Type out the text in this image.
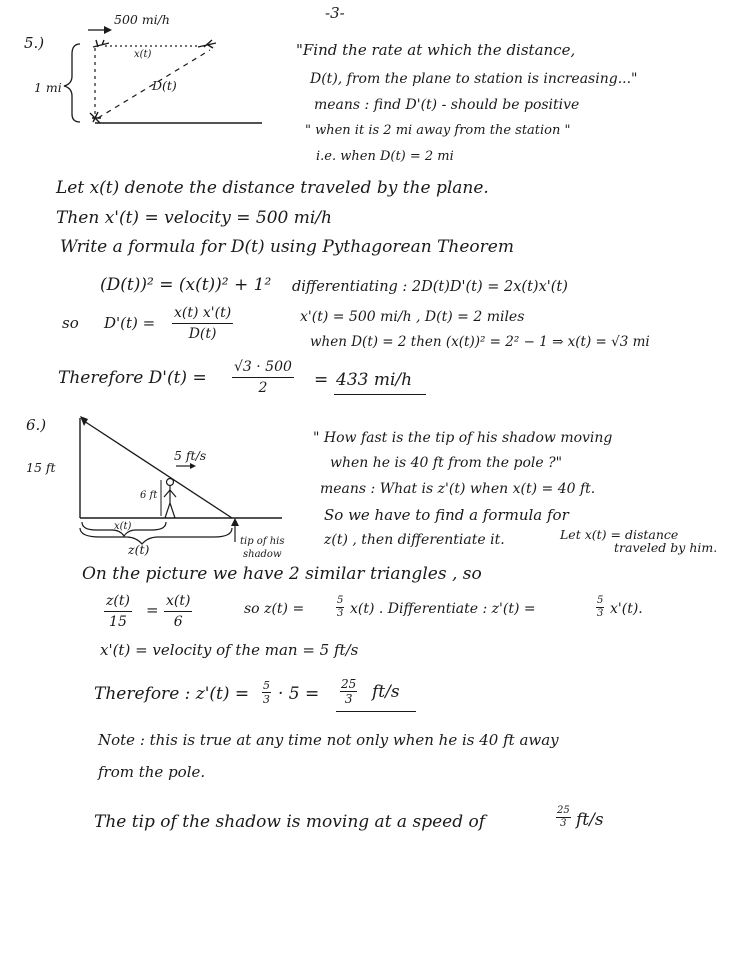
-3-
5.)
500 mi/h
x(t)
D(t)
1 mi
"Find the rate at which the distance,
D(t), from the plane to station is increasing..."
means : find D'(t) - should be positive
" when it is 2 mi away from the station "
i.e. when D(t) = 2 mi
Let x(t) denote the distance traveled by the plane.
Then x'(t) = velocity = 500 mi/h
Write a formula for D(t) using Pythagorean Theorem
(D(t))² = (x(t))² + 1² differentiating : 2D(t)D'(t) = 2x(t)x'(t)
so $D'(t) = \frac{x(t) x'(t)}{D(t)}$	x'(t) = 500 mi/h , D(t) = 2 miles
when D(t) = 2 then (x(t))² = 2² − 1 ⇒ x(t) = √3 mi
Therefore $D'(t) = \frac{√3 \cdot 500}{2} = 433$ mi/h
6.)
15 ft
5 ft/s
6 ft
x(t)
z(t)
tip of his
shadow
" How fast is the tip of his shadow moving
when he is 40 ft from the pole ?"
means : What is z'(t) when x(t) = 40 ft.
So we have to find a formula for
z(t) , then differentiate it.	Let x(t) = distance
traveled by him.
On the picture we have 2 similar triangles , so
$\frac{z(t)}{15} = \frac{x(t)}{6}$	so z(t) =	$\frac{5}{3} x(t)$ . Differentiate : z'(t) =	$\frac{5}{3} x'(t)$.
x'(t) = velocity of the man = 5 ft/s
Therefore : $z'(t) = \frac{5}{3} \cdot 5 = \frac{25}{3} ft/s$
Note : this is true at any time not only when he is 40 ft away
from the pole.
The tip of the shadow is moving at a speed of	$\frac{25}{3} ft/s$
